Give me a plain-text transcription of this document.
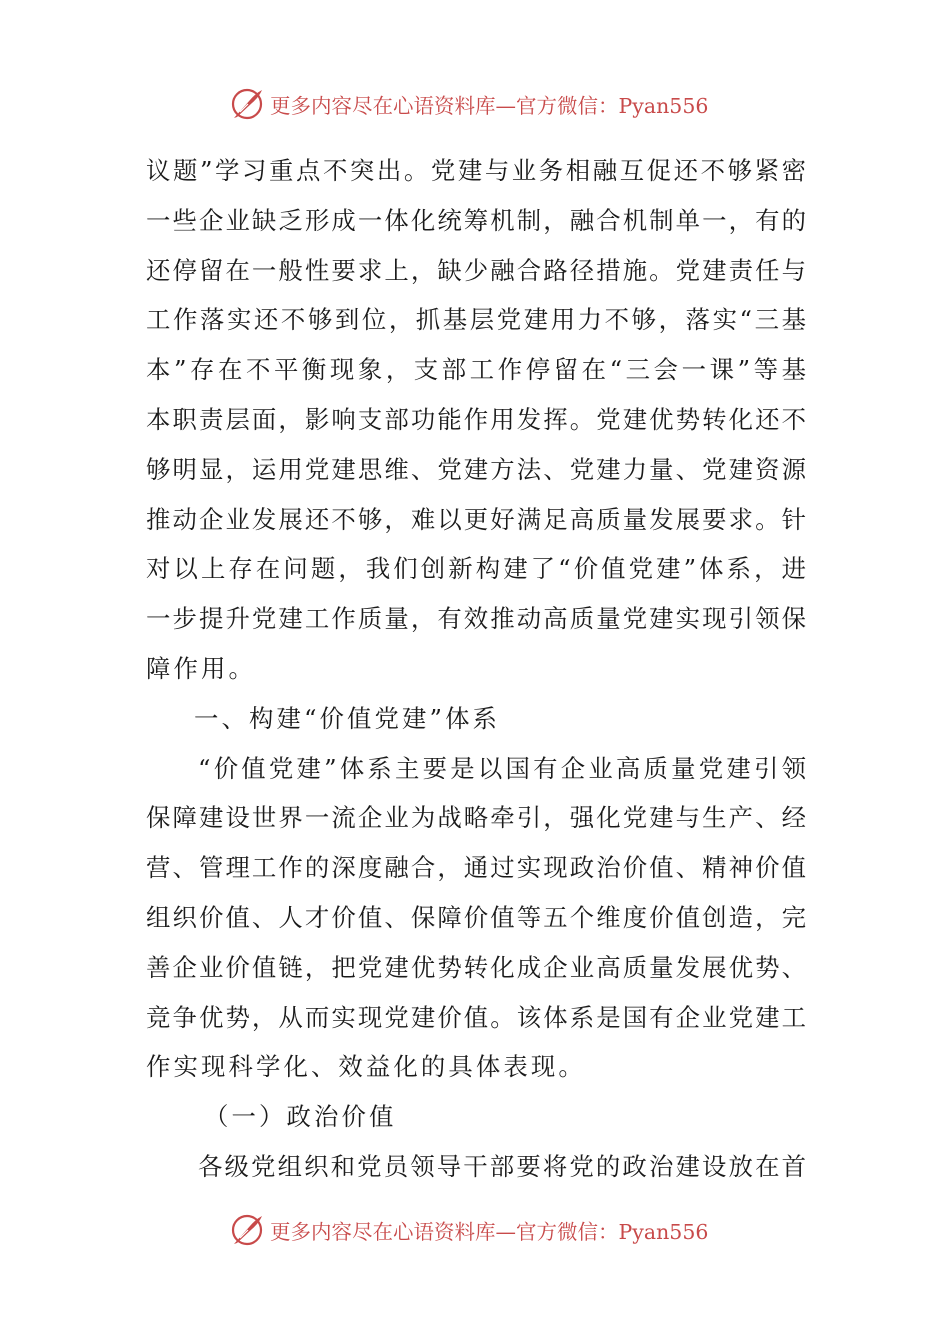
更多内容尽在心语资料库—官方微信：Pyan556
议题”学习重点不突出。党建与业务相融互促还不够紧密
一些企业缺乏形成一体化统筹机制，融合机制单一，有的
还停留在一般性要求上，缺少融合路径措施。党建责任与
工作落实还不够到位，抓基层党建用力不够，落实“三基
本”存在不平衡现象，支部工作停留在“三会一课”等基
本职责层面，影响支部功能作用发挥。党建优势转化还不
够明显，运用党建思维、党建方法、党建力量、党建资源
推动企业发展还不够，难以更好满足高质量发展要求。针
对以上存在问题，我们创新构建了“价值党建”体系，进
一步提升党建工作质量，有效推动高质量党建实现引领保
障作用。
一、构建“价值党建”体系
“价值党建”体系主要是以国有企业高质量党建引领
保障建设世界一流企业为战略牵引，强化党建与生产、经
营、管理工作的深度融合，通过实现政治价值、精神价值
组织价值、人才价值、保障价值等五个维度价值创造，完
善企业价值链，把党建优势转化成企业高质量发展优势、
竞争优势，从而实现党建价值。该体系是国有企业党建工
作实现科学化、效益化的具体表现。
（一）政治价值
各级党组织和党员领导干部要将党的政治建设放在首
更多内容尽在心语资料库—官方微信：Pyan556
